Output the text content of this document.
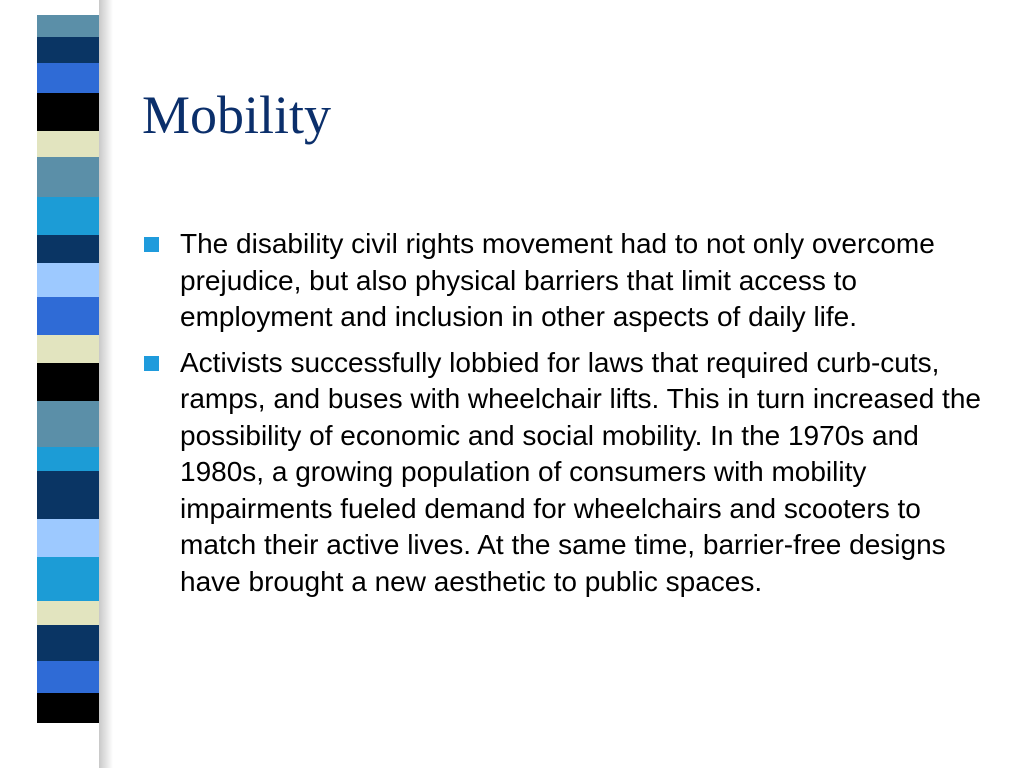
Mobility
The disability civil rights movement had to not only overcome prejudice, but also physical barriers that limit access to employment and inclusion in other aspects of daily life.
Activists successfully lobbied for laws that required curb-cuts, ramps, and buses with wheelchair lifts. This in turn increased the possibility of economic and social mobility. In the 1970s and 1980s, a growing population of consumers with mobility impairments fueled demand for wheelchairs and scooters to match their active lives. At the same time, barrier-free designs have brought a new aesthetic to public spaces.
